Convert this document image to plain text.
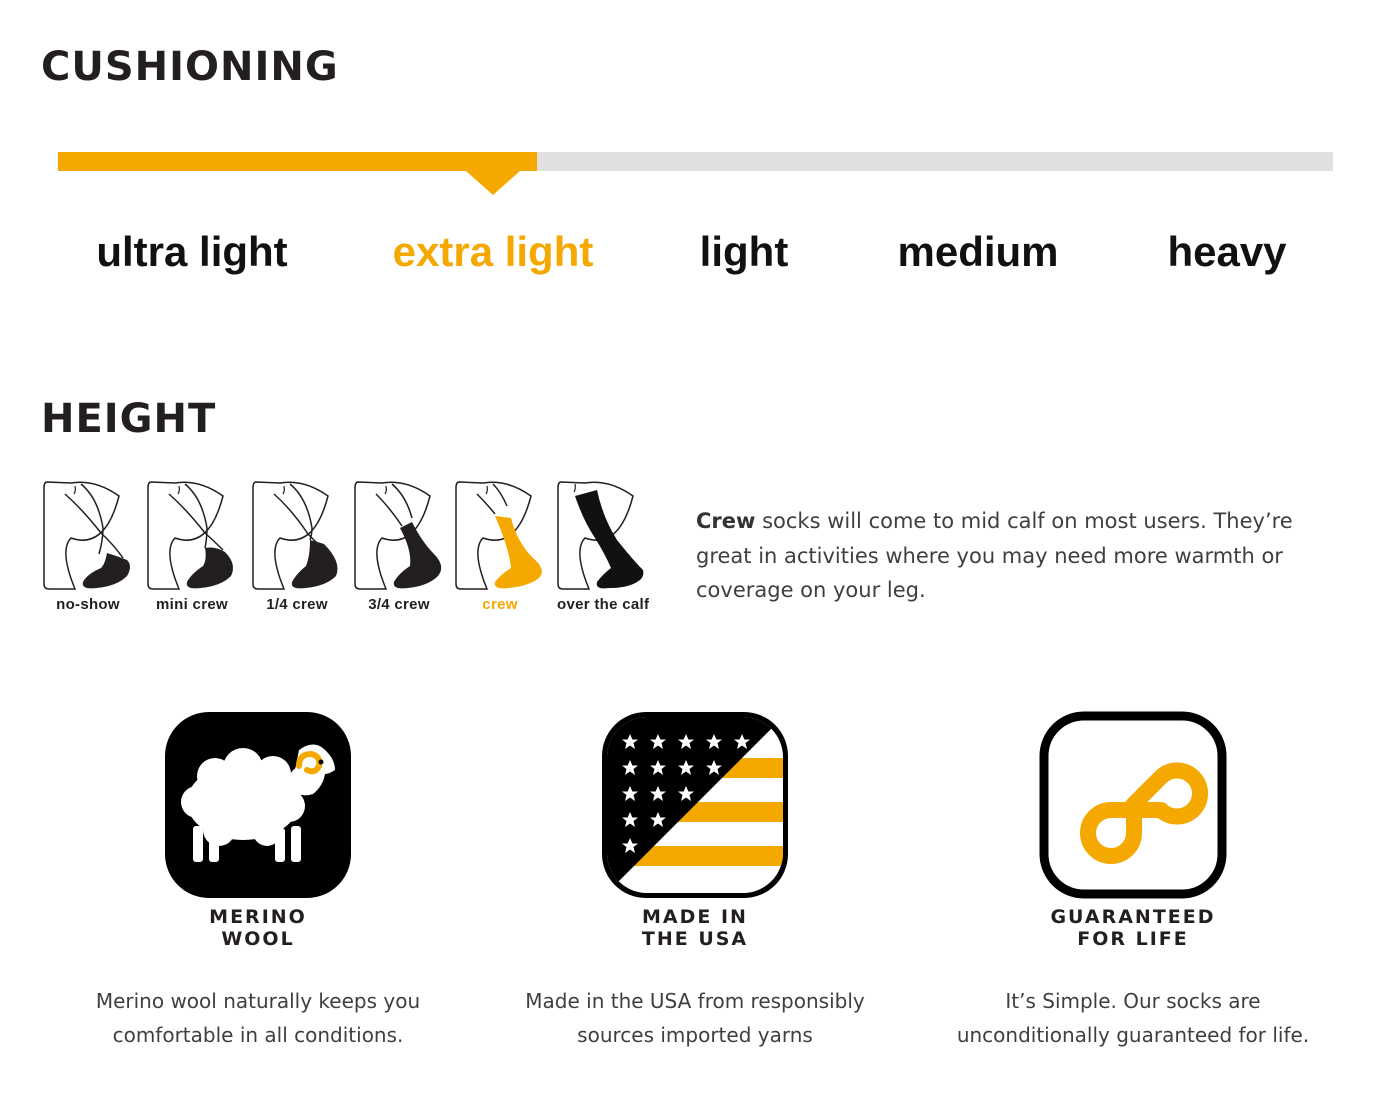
CUSHIONING
ultra light extra light	light	medium	heavy
HEIGHT
no-show	mini crew	1/4 crew	3/4 crew	crew	over the calf

Crew socks will come to mid calf on most users. They’re great in activities where you may need more warmth or coverage on your leg.

MERINO
WOOL

Merino wool naturally keeps you
comfortable in all conditions.

MADE IN
THE USA

Made in the USA from responsibly
sources imported yarns

GUARANTEED
FOR LIFE

It’s Simple. Our socks are
unconditionally guaranteed for life.
